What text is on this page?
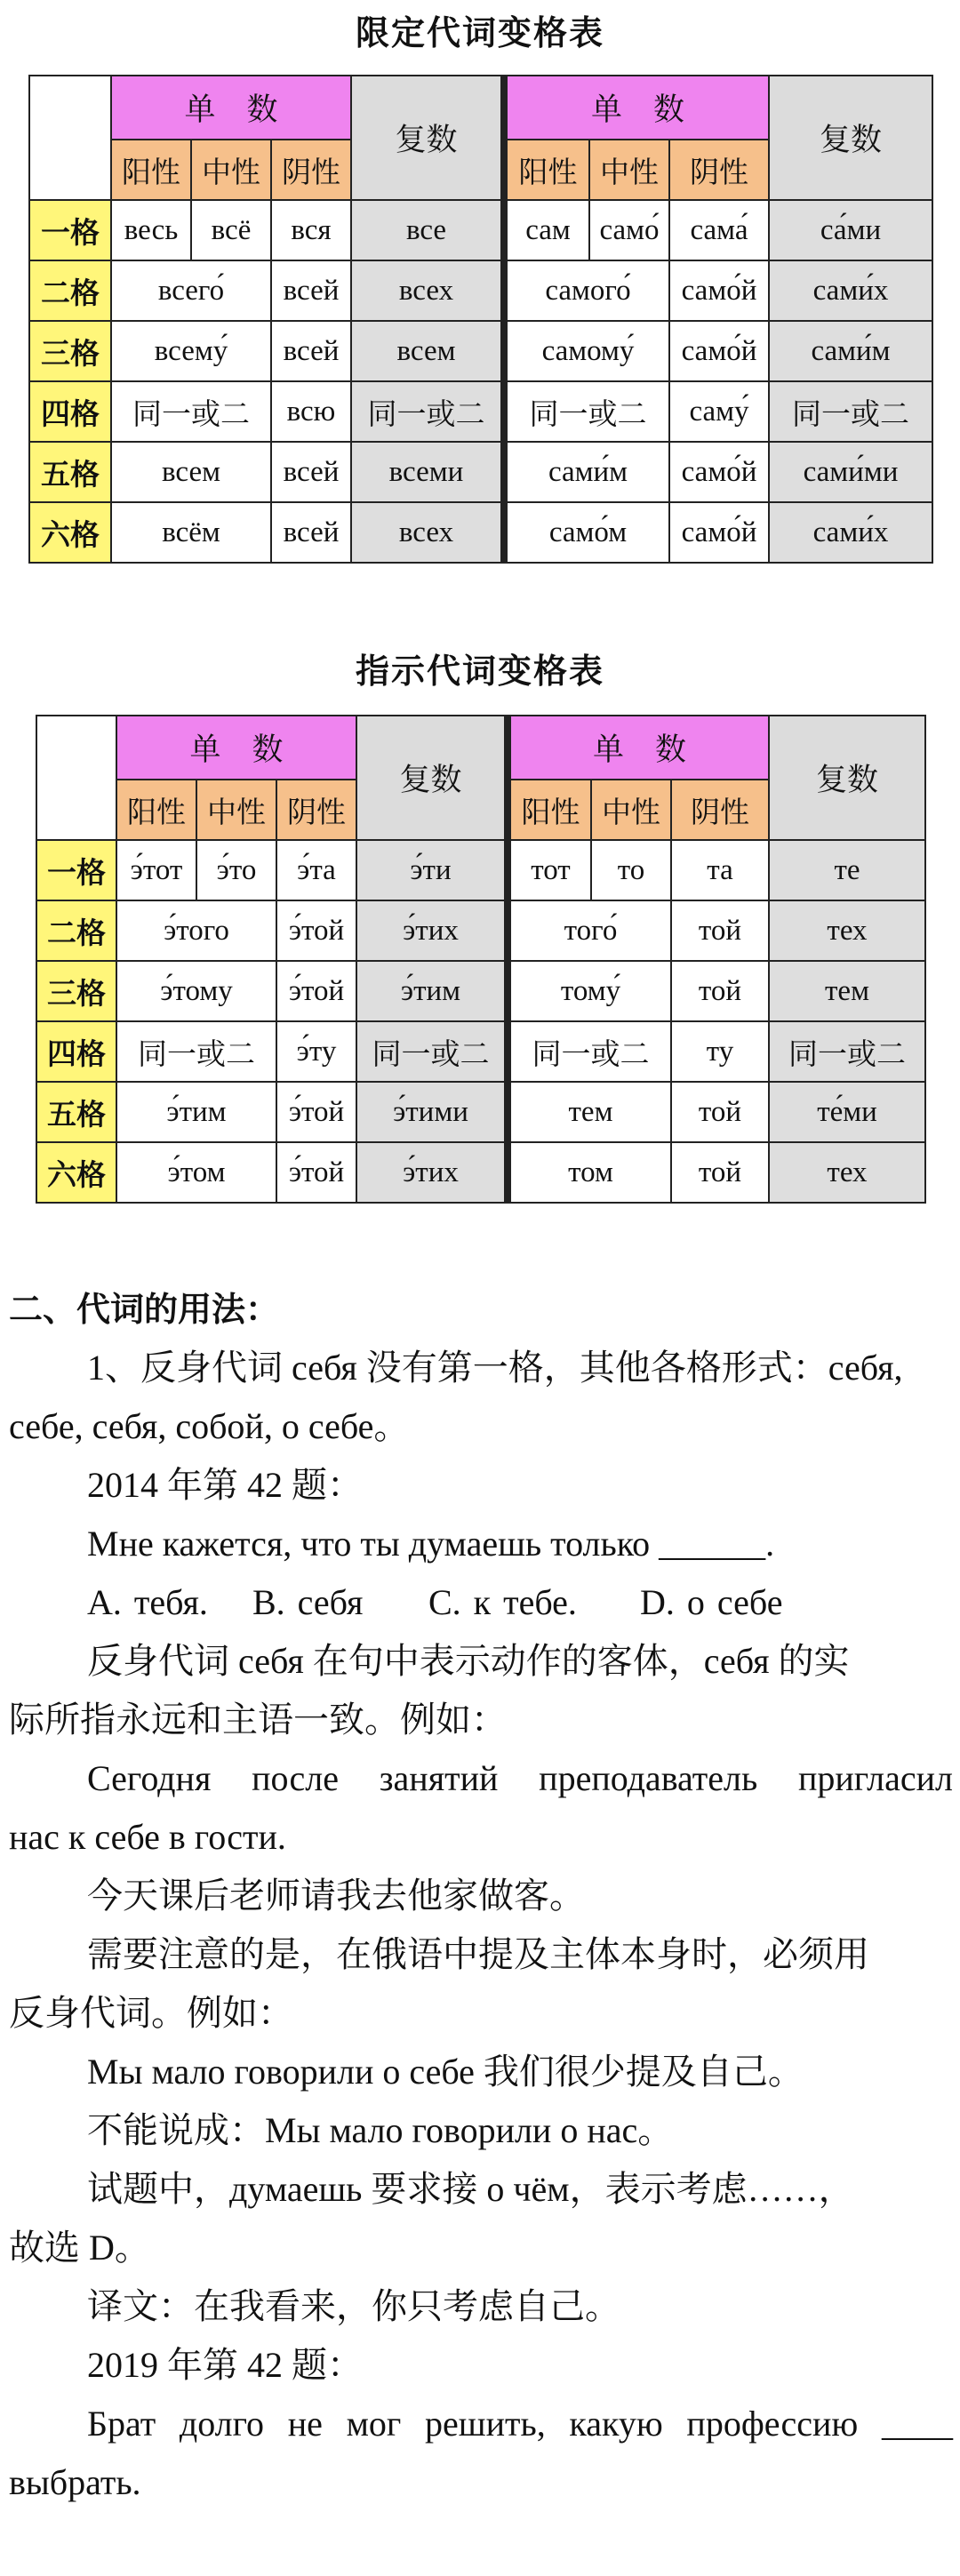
限定代词变格表
	单　数			复数	单　数			复数
	阳性	中性	阴性		阳性	中性	阴性	
一格	весь	всё	вся	все	сам	само́	сама́	са́ми
二格	всего́		всей	всех	самого́		само́й	сами́х
三格	всему́		всей	всем	самому́		само́й	сами́м
四格	同一或二		всю	同一或二	同一或二		саму́	同一或二
五格	всем		всей	всеми	сами́м		само́й	сами́ми
六格	всём		всей	всех	само́м		само́й	сами́х
指示代词变格表
	单　数			复数	单　数			复数
	阳性	中性	阴性		阳性	中性	阴性	
一格	э́тот	э́то	э́та	э́ти	тот	то	та	те
二格	э́того		э́той	э́тих	того́		той	тех
三格	э́тому		э́той	э́тим	тому́		той	тем
四格	同一或二		э́ту	同一或二	同一或二		ту	同一或二
五格	э́тим		э́той	э́тими	тем		той	те́ми
六格	э́том		э́той	э́тих	том		той	тех

二、代词的用法：

1、反身代词 себя 没有第一格，其他各格形式：себя,

себе, себя, собой, о себе。

2014 年第 42 题：

Мне кажется, что ты думаешь только ______.

A. тебя. B. себя C. к тебе. D. о себе

反身代词 себя 在句中表示动作的客体，себя 的实

际所指永远和主语一致。例如：

Сегодня после занятий преподаватель пригласил

нас к себе в гости.

今天课后老师请我去他家做客。

需要注意的是，在俄语中提及主体本身时，必须用

反身代词。例如：

Мы мало говорили о себе 我们很少提及自己。

不能说成：Мы мало говорили о нас。

试题中，думаешь 要求接 о чём，表示考虑……，

故选 D。

译文：在我看来，你只考虑自己。

2019 年第 42 题：

Брат долго не мог решить, какую профессию ____

выбрать.
